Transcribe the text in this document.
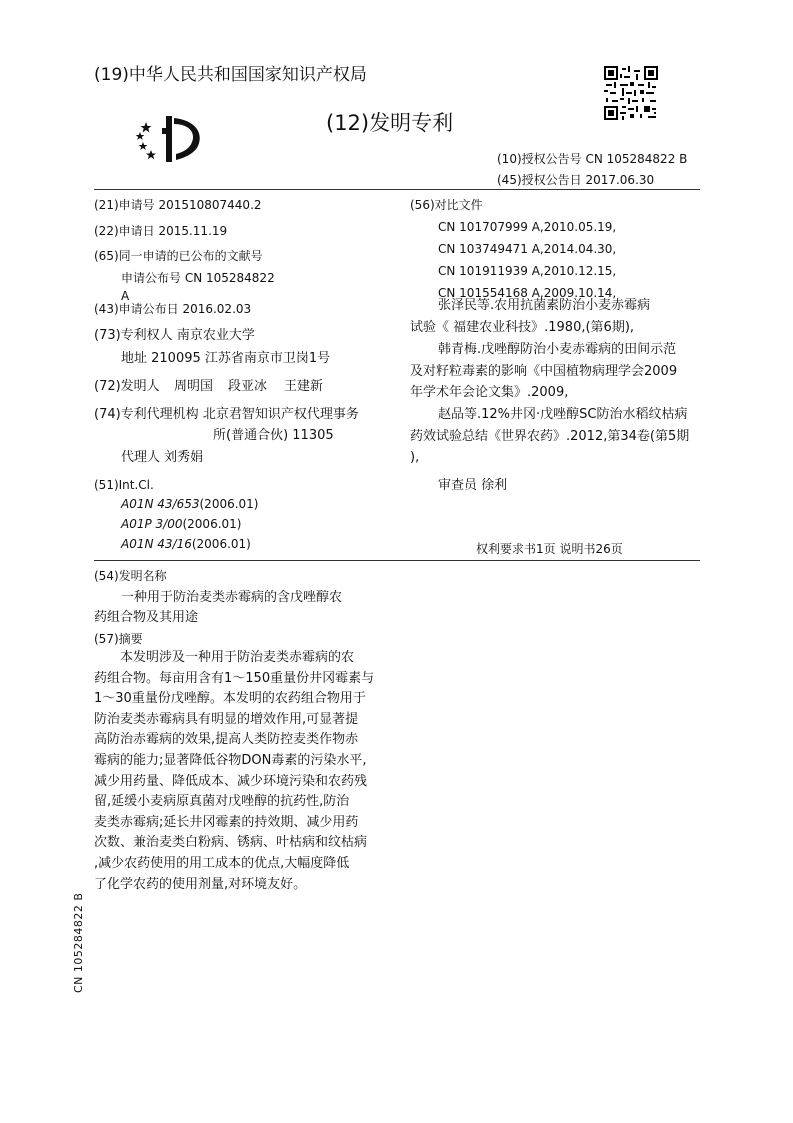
(19)中华人民共和国国家知识产权局
(12)发明专利
(10)授权公告号 CN 105284822 B
(45)授权公告日 2017.06.30
(21)申请号 201510807440.2
(22)申请日 2015.11.19
(65)同一申请的已公布的文献号
申请公布号 CN 105284822
A
(43)申请公布日 2016.02.03
(73)专利权人 南京农业大学
地址 210095 江苏省南京市卫岗1号
(72)发明人 周明国 段亚冰 王建新
(74)专利代理机构 北京君智知识产权代理事务
所(普通合伙) 11305
代理人 刘秀娟
(51)Int.Cl.
A01N 43/653(2006.01)
A01P 3/00(2006.01)
A01N 43/16(2006.01)
(56)对比文件
CN 101707999 A,2010.05.19,
CN 103749471 A,2014.04.30,
CN 101911939 A,2010.12.15,
CN 101554168 A,2009.10.14,
张泽民等.农用抗菌素防治小麦赤霉病
试验《 福建农业科技》.1980,(第6期),
韩青梅.戊唑醇防治小麦赤霉病的田间示范
及对籽粒毒素的影响《中国植物病理学会2009
年学术年会论文集》.2009,
赵品等.12%井冈·戊唑醇SC防治水稻纹枯病
药效试验总结《世界农药》.2012,第34卷(第5期
),
审查员 徐利
权利要求书1页 说明书26页
(54)发明名称
一种用于防治麦类赤霉病的含戊唑醇农
药组合物及其用途
(57)摘要
本发明涉及一种用于防治麦类赤霉病的农
药组合物。每亩用含有1～150重量份井冈霉素与
1～30重量份戊唑醇。本发明的农药组合物用于
防治麦类赤霉病具有明显的增效作用,可显著提
高防治赤霉病的效果,提高人类防控麦类作物赤
霉病的能力;显著降低谷物DON毒素的污染水平,
减少用药量、降低成本、减少环境污染和农药残
留,延缓小麦病原真菌对戊唑醇的抗药性,防治
麦类赤霉病;延长井冈霉素的持效期、减少用药
次数、兼治麦类白粉病、锈病、叶枯病和纹枯病
,减少农药使用的用工成本的优点,大幅度降低
了化学农药的使用剂量,对环境友好。
CN 105284822 B
